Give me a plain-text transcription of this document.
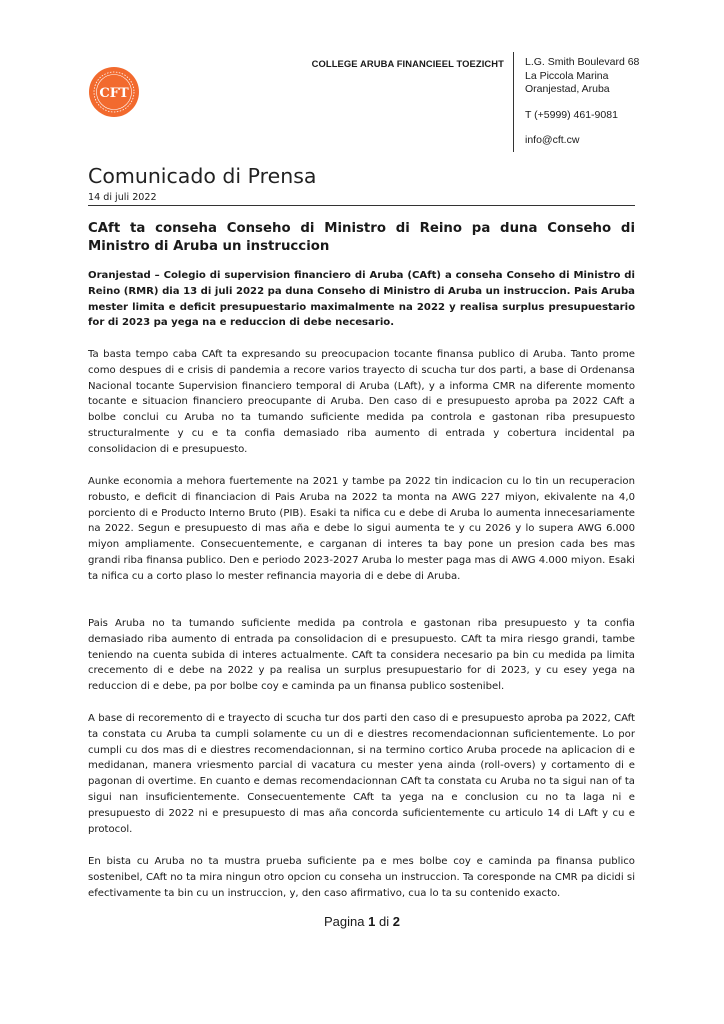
CFT
COLLEGE ARUBA FINANCIEEL TOEZICHT L.G. Smith Boulevard 68
La Piccola Marina
Oranjestad, Aruba
T (+5999) 461-9081
info@cft.cw
Comunicado di Prensa
14 di juli 2022
CAft ta conseha Conseho di Ministro di Reino pa duna Conseho di Ministro di Aruba un instruccion
Oranjestad – Colegio di supervision financiero di Aruba (CAft) a conseha Conseho di Ministro di Reino (RMR) dia 13 di juli 2022 pa duna Conseho di Ministro di Aruba un instruccion. Pais Aruba mester limita e deficit presupuestario maximalmente na 2022 y realisa surplus presupuestario for di 2023 pa yega na e reduccion di debe necesario.
Ta basta tempo caba CAft ta expresando su preocupacion tocante finansa publico di Aruba. Tanto prome como despues di e crisis di pandemia a recore varios trayecto di scucha tur dos parti, a base di Ordenansa Nacional tocante Supervision financiero temporal di Aruba (LAft), y a informa CMR na diferente momento tocante e situacion financiero preocupante di Aruba. Den caso di e presupuesto aproba pa 2022 CAft a bolbe conclui cu Aruba no ta tumando suficiente medida pa controla e gastonan riba presupuesto structuralmente y cu e ta confia demasiado riba aumento di entrada y cobertura incidental pa consolidacion di e presupuesto.
Aunke economia a mehora fuertemente na 2021 y tambe pa 2022 tin indicacion cu lo tin un recuperacion robusto, e deficit di financiacion di Pais Aruba na 2022 ta monta na AWG 227 miyon, ekivalente na 4,0 porciento di e Producto Interno Bruto (PIB). Esaki ta nifica cu e debe di Aruba lo aumenta innecesariamente na 2022. Segun e presupuesto di mas aña e debe lo sigui aumenta te y cu 2026 y lo supera AWG 6.000 miyon ampliamente. Consecuentemente, e carganan di interes ta bay pone un presion cada bes mas grandi riba finansa publico. Den e periodo 2023-2027 Aruba lo mester paga mas di AWG 4.000 miyon. Esaki ta nifica cu a corto plaso lo mester refinancia mayoria di e debe di Aruba.
Pais Aruba no ta tumando suficiente medida pa controla e gastonan riba presupuesto y ta confia demasiado riba aumento di entrada pa consolidacion di e presupuesto. CAft ta mira riesgo grandi, tambe teniendo na cuenta subida di interes actualmente. CAft ta considera necesario pa bin cu medida pa limita crecemento di e debe na 2022 y pa realisa un surplus presupuestario for di 2023, y cu esey yega na reduccion di e debe, pa por bolbe coy e caminda pa un finansa publico sostenibel.
A base di recoremento di e trayecto di scucha tur dos parti den caso di e presupuesto aproba pa 2022, CAft ta constata cu Aruba ta cumpli solamente cu un di e diestres recomendacionnan suficientemente. Lo por cumpli cu dos mas di e diestres recomendacionnan, si na termino cortico Aruba procede na aplicacion di e medidanan, manera vriesmento parcial di vacatura cu mester yena ainda (roll-overs) y cortamento di e pagonan di overtime. En cuanto e demas recomendacionnan CAft ta constata cu Aruba no ta sigui nan of ta sigui nan insuficientemente. Consecuentemente CAft ta yega na e conclusion cu no ta laga ni e presupuesto di 2022 ni e presupuesto di mas aña concorda suficientemente cu articulo 14 di LAft y cu e protocol.
En bista cu Aruba no ta mustra prueba suficiente pa e mes bolbe coy e caminda pa finansa publico sostenibel, CAft no ta mira ningun otro opcion cu conseha un instruccion. Ta coresponde na CMR pa dicidi si efectivamente ta bin cu un instruccion, y, den caso afirmativo, cua lo ta su contenido exacto.
Pagina 1 di 2
